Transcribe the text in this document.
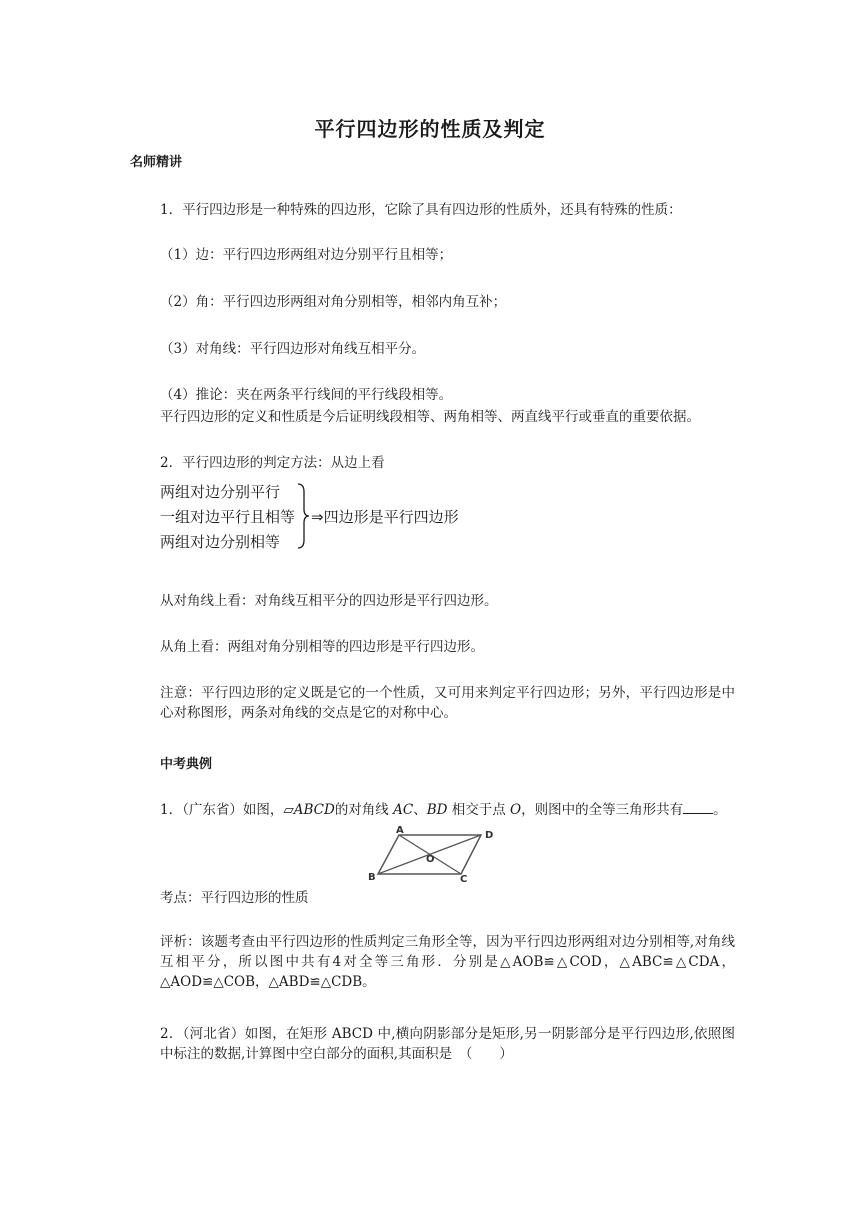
平行四边形的性质及判定
名师精讲
1．平行四边形是一种特殊的四边形，它除了具有四边形的性质外，还具有特殊的性质：
（1）边：平行四边形两组对边分别平行且相等；
（2）角：平行四边形两组对角分别相等，相邻内角互补；
（3）对角线：平行四边形对角线互相平分。
（4）推论：夹在两条平行线间的平行线段相等。
平行四边形的定义和性质是今后证明线段相等、两角相等、两直线平行或垂直的重要依据。
2．平行四边形的判定方法：从边上看
两组对边分别平行
一组对边平行且相等
两组对边分别相等
⇒四边形是平行四边形
从对角线上看：对角线互相平分的四边形是平行四边形。
从角上看：两组对角分别相等的四边形是平行四边形。
注意：平行四边形的定义既是它的一个性质，又可用来判定平行四边形；另外，平行四边形是中心对称图形，两条对角线的交点是它的对称中心。
中考典例
1．（广东省）如图，▱ABCD的对角线 AC、BD 相交于点 O，则图中的全等三角形共有 。
A	D
B	C
O
考点：平行四边形的性质
评析：该题考查由平行四边形的性质判定三角形全等，因为平行四边形两组对边分别相等,对角线互相平分，所以图中共有4对全等三角形．分别是△AOB≌△COD，△ABC≌△CDA，△AOD≌△COB，△ABD≌△CDB。
2．（河北省）如图，在矩形 ABCD 中,横向阴影部分是矩形,另一阴影部分是平行四边形,依照图中标注的数据,计算图中空白部分的面积,其面积是　（　　）
